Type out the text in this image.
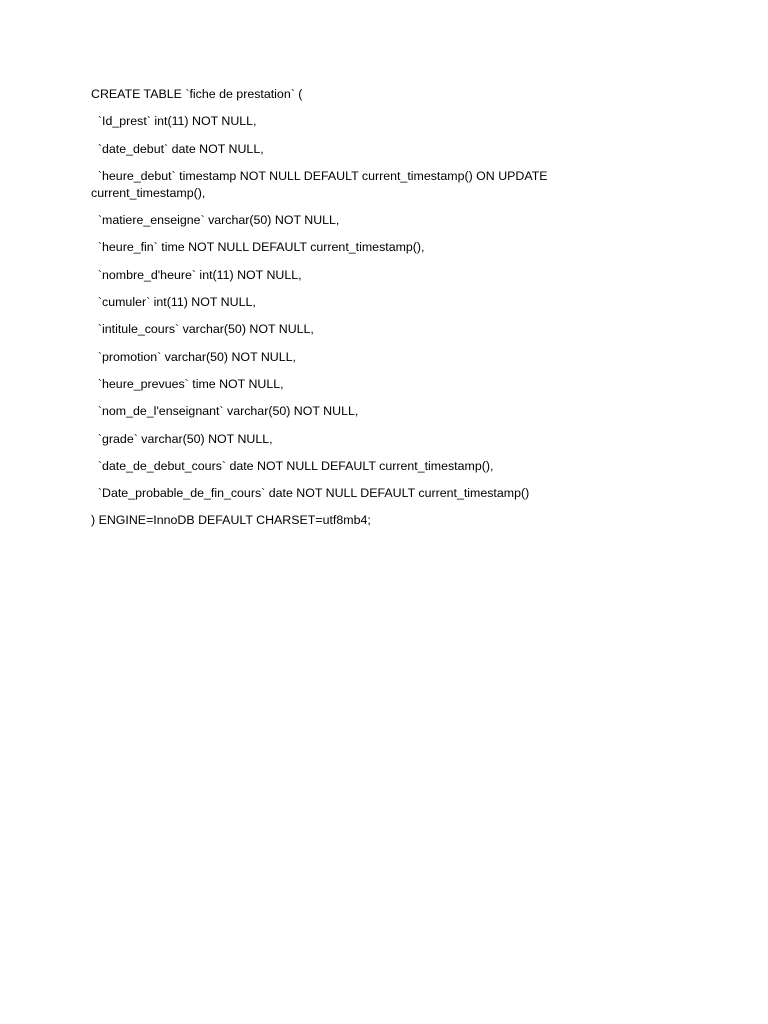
CREATE TABLE `fiche de prestation` (

`Id_prest` int(11) NOT NULL,

`date_debut` date NOT NULL,

`heure_debut` timestamp NOT NULL DEFAULT current_timestamp() ON UPDATE current_timestamp(),

`matiere_enseigne` varchar(50) NOT NULL,

`heure_fin` time NOT NULL DEFAULT current_timestamp(),

`nombre_d'heure` int(11) NOT NULL,

`cumuler` int(11) NOT NULL,

`intitule_cours` varchar(50) NOT NULL,

`promotion` varchar(50) NOT NULL,

`heure_prevues` time NOT NULL,

`nom_de_l'enseignant` varchar(50) NOT NULL,

`grade` varchar(50) NOT NULL,

`date_de_debut_cours` date NOT NULL DEFAULT current_timestamp(),

`Date_probable_de_fin_cours` date NOT NULL DEFAULT current_timestamp()

) ENGINE=InnoDB DEFAULT CHARSET=utf8mb4;
